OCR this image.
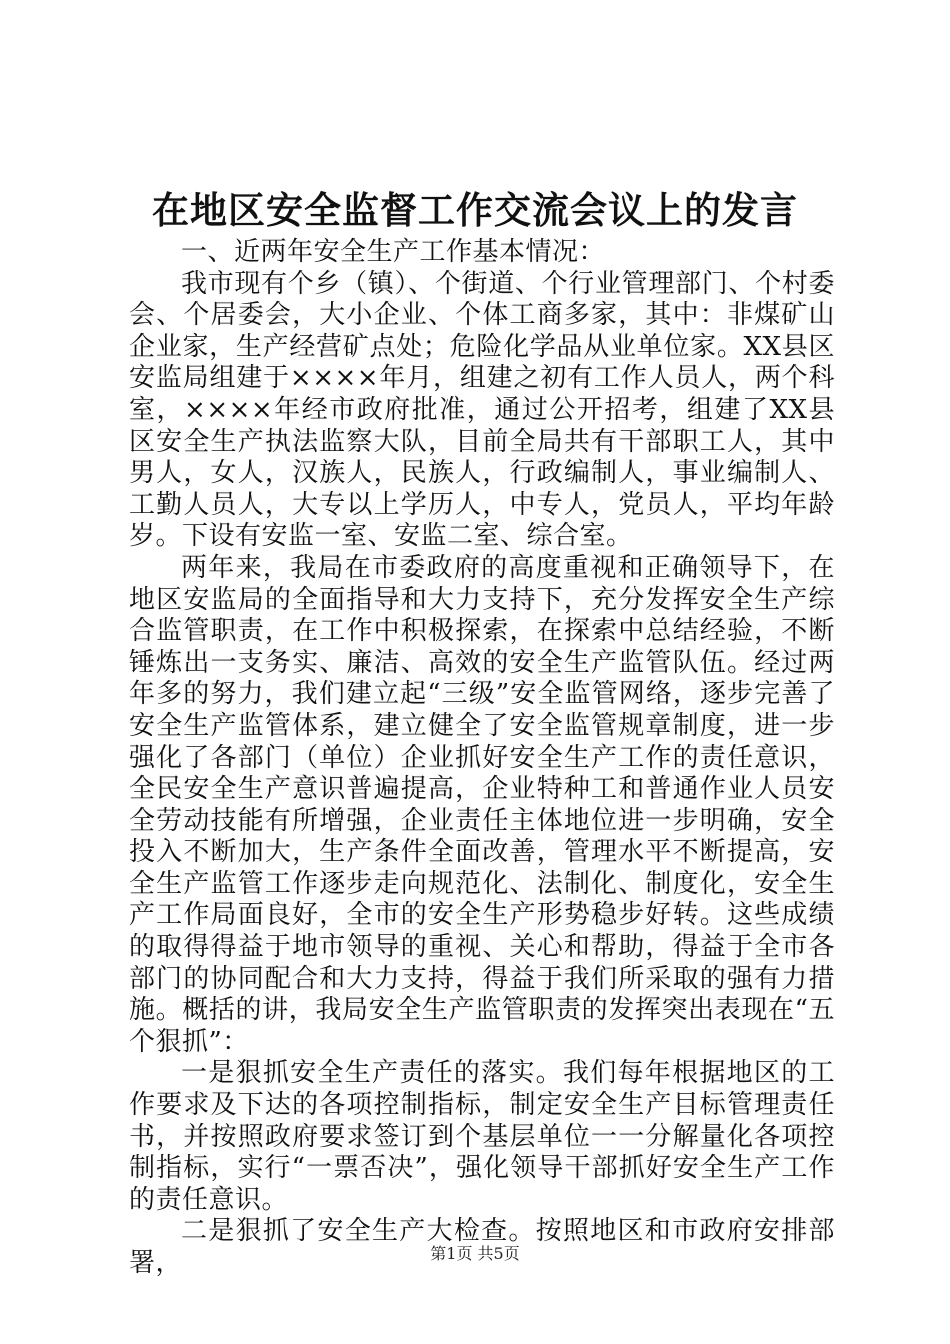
在地区安全监督工作交流会议上的发言

一、近两年安全生产工作基本情况：

我市现有个乡（镇）、个街道、个行业管理部门、个村委会、个居委会，大小企业、个体工商多家，其中：非煤矿山企业家，生产经营矿点处；危险化学品从业单位家。XX县区安监局组建于××××年月，组建之初有工作人员人，两个科室，××××年经市政府批准，通过公开招考，组建了XX县区安全生产执法监察大队，目前全局共有干部职工人，其中男人，女人，汉族人，民族人，行政编制人，事业编制人、工勤人员人，大专以上学历人，中专人，党员人，平均年龄岁。下设有安监一室、安监二室、综合室。

两年来，我局在市委政府的高度重视和正确领导下，在地区安监局的全面指导和大力支持下，充分发挥安全生产综合监管职责，在工作中积极探索，在探索中总结经验，不断锤炼出一支务实、廉洁、高效的安全生产监管队伍。经过两年多的努力，我们建立起“三级”安全监管网络，逐步完善了安全生产监管体系，建立健全了安全监管规章制度，进一步强化了各部门（单位）企业抓好安全生产工作的责任意识，全民安全生产意识普遍提高，企业特种工和普通作业人员安全劳动技能有所增强，企业责任主体地位进一步明确，安全投入不断加大，生产条件全面改善，管理水平不断提高，安全生产监管工作逐步走向规范化、法制化、制度化，安全生产工作局面良好，全市的安全生产形势稳步好转。这些成绩的取得得益于地市领导的重视、关心和帮助，得益于全市各部门的协同配合和大力支持，得益于我们所采取的强有力措施。概括的讲，我局安全生产监管职责的发挥突出表现在“五个狠抓”：

一是狠抓安全生产责任的落实。我们每年根据地区的工作要求及下达的各项控制指标，制定安全生产目标管理责任书，并按照政府要求签订到个基层单位一一分解量化各项控制指标，实行“一票否决”，强化领导干部抓好安全生产工作的责任意识。

二是狠抓了安全生产大检查。按照地区和市政府安排部署，	第1页 共5页
